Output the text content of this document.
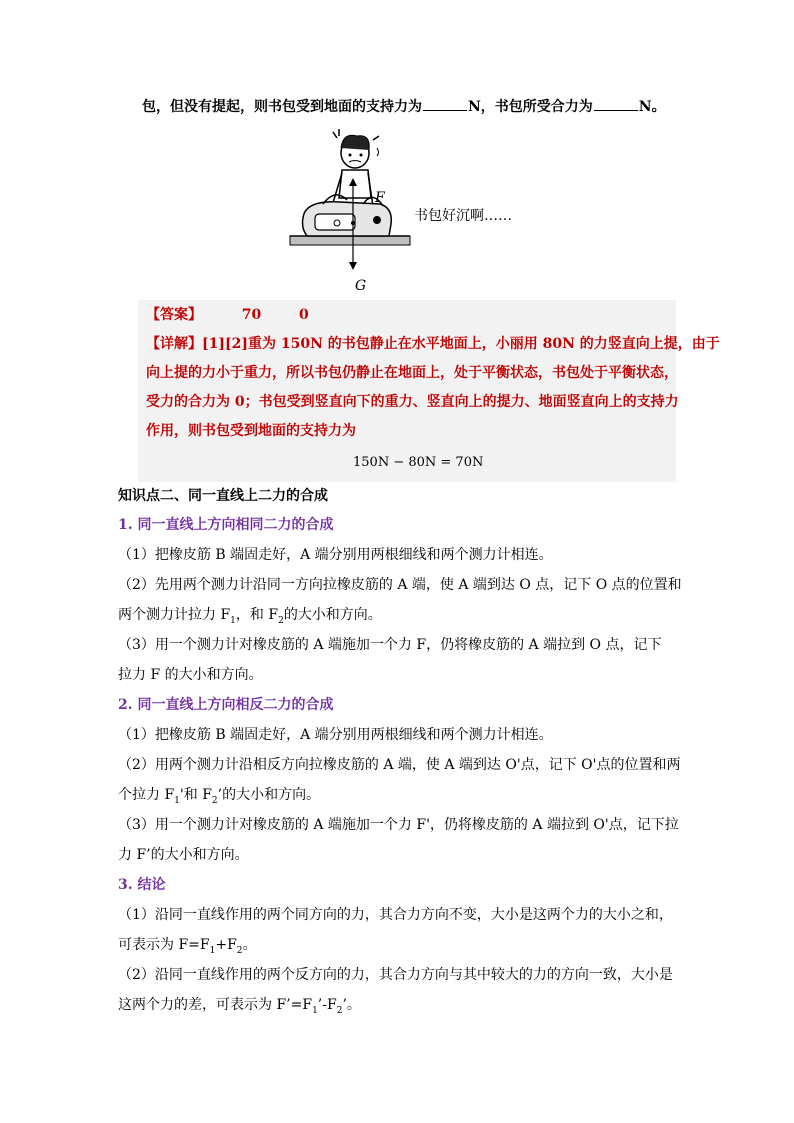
包，但没有提起，则书包受到地面的支持力为	N，书包所受合力为	N。
F
G
书包好沉啊……
【答案】	70	0
【详解】[1][2]重为 150N 的书包静止在水平地面上，小丽用 80N 的力竖直向上提，由于
向上提的力小于重力，所以书包仍静止在地面上，处于平衡状态，书包处于平衡状态，
受力的合力为 0；书包受到竖直向下的重力、竖直向上的提力、地面竖直向上的支持力
作用，则书包受到地面的支持力为
150N − 80N = 70N
知识点二、同一直线上二力的合成
1. 同一直线上方向相同二力的合成
（1）把橡皮筋 B 端固走好，A 端分别用两根细线和两个测力计相连。
（2）先用两个测力计沿同一方向拉橡皮筋的 A 端，使 A 端到达 O 点，记下 O 点的位置和
两个测力计拉力 $F_1$，和 $F_2$的大小和方向。
（3）用一个测力计对橡皮筋的 A 端施加一个力 F，仍将橡皮筋的 A 端拉到 O 点，记下
拉力 F 的大小和方向。
2. 同一直线上方向相反二力的合成
（1）把橡皮筋 B 端固走好，A 端分别用两根细线和两个测力计相连。
（2）用两个测力计沿相反方向拉橡皮筋的 A 端，使 A 端到达 O'点，记下 O'点的位置和两
个拉力 $F_1'$和 $F_2$’的大小和方向。
（3）用一个测力计对橡皮筋的 A 端施加一个力 F'，仍将橡皮筋的 A 端拉到 O'点，记下拉
力 F’的大小和方向。
3. 结论
（1）沿同一直线作用的两个同方向的力，其合力方向不变，大小是这两个力的大小之和，
可表示为 $F=F_1+F_2$。
（2）沿同一直线作用的两个反方向的力，其合力方向与其中较大的力的方向一致，大小是
这两个力的差，可表示为 $F’=F_1’-F_2$’。
